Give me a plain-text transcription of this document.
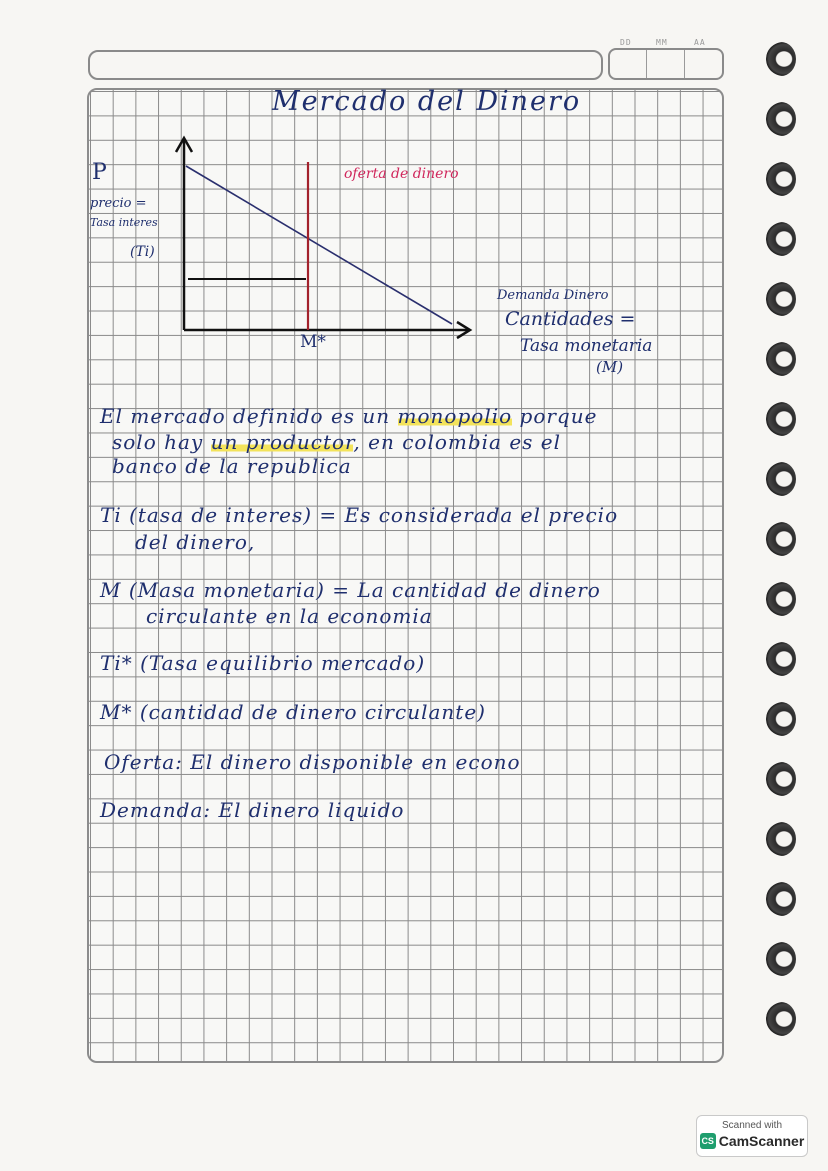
DD	MM	AA
Mercado del Dinero
P
precio =
Tasa interes
(Ti)
oferta de dinero
Demanda Dinero
Cantidades =
Tasa monetaria
(M)
M*
El mercado definido es un monopolio porque
solo hay un productor, en colombia es el
banco de la republica
Ti (tasa de interes) = Es considerada el precio
del dinero,
M (Masa monetaria) = La cantidad de dinero
circulante en la economia
Ti* (Tasa equilibrio mercado)
M* (cantidad de dinero circulante)
Oferta: El dinero disponible en econo
Demanda: El dinero liquido
Scanned with
CS CamScanner
